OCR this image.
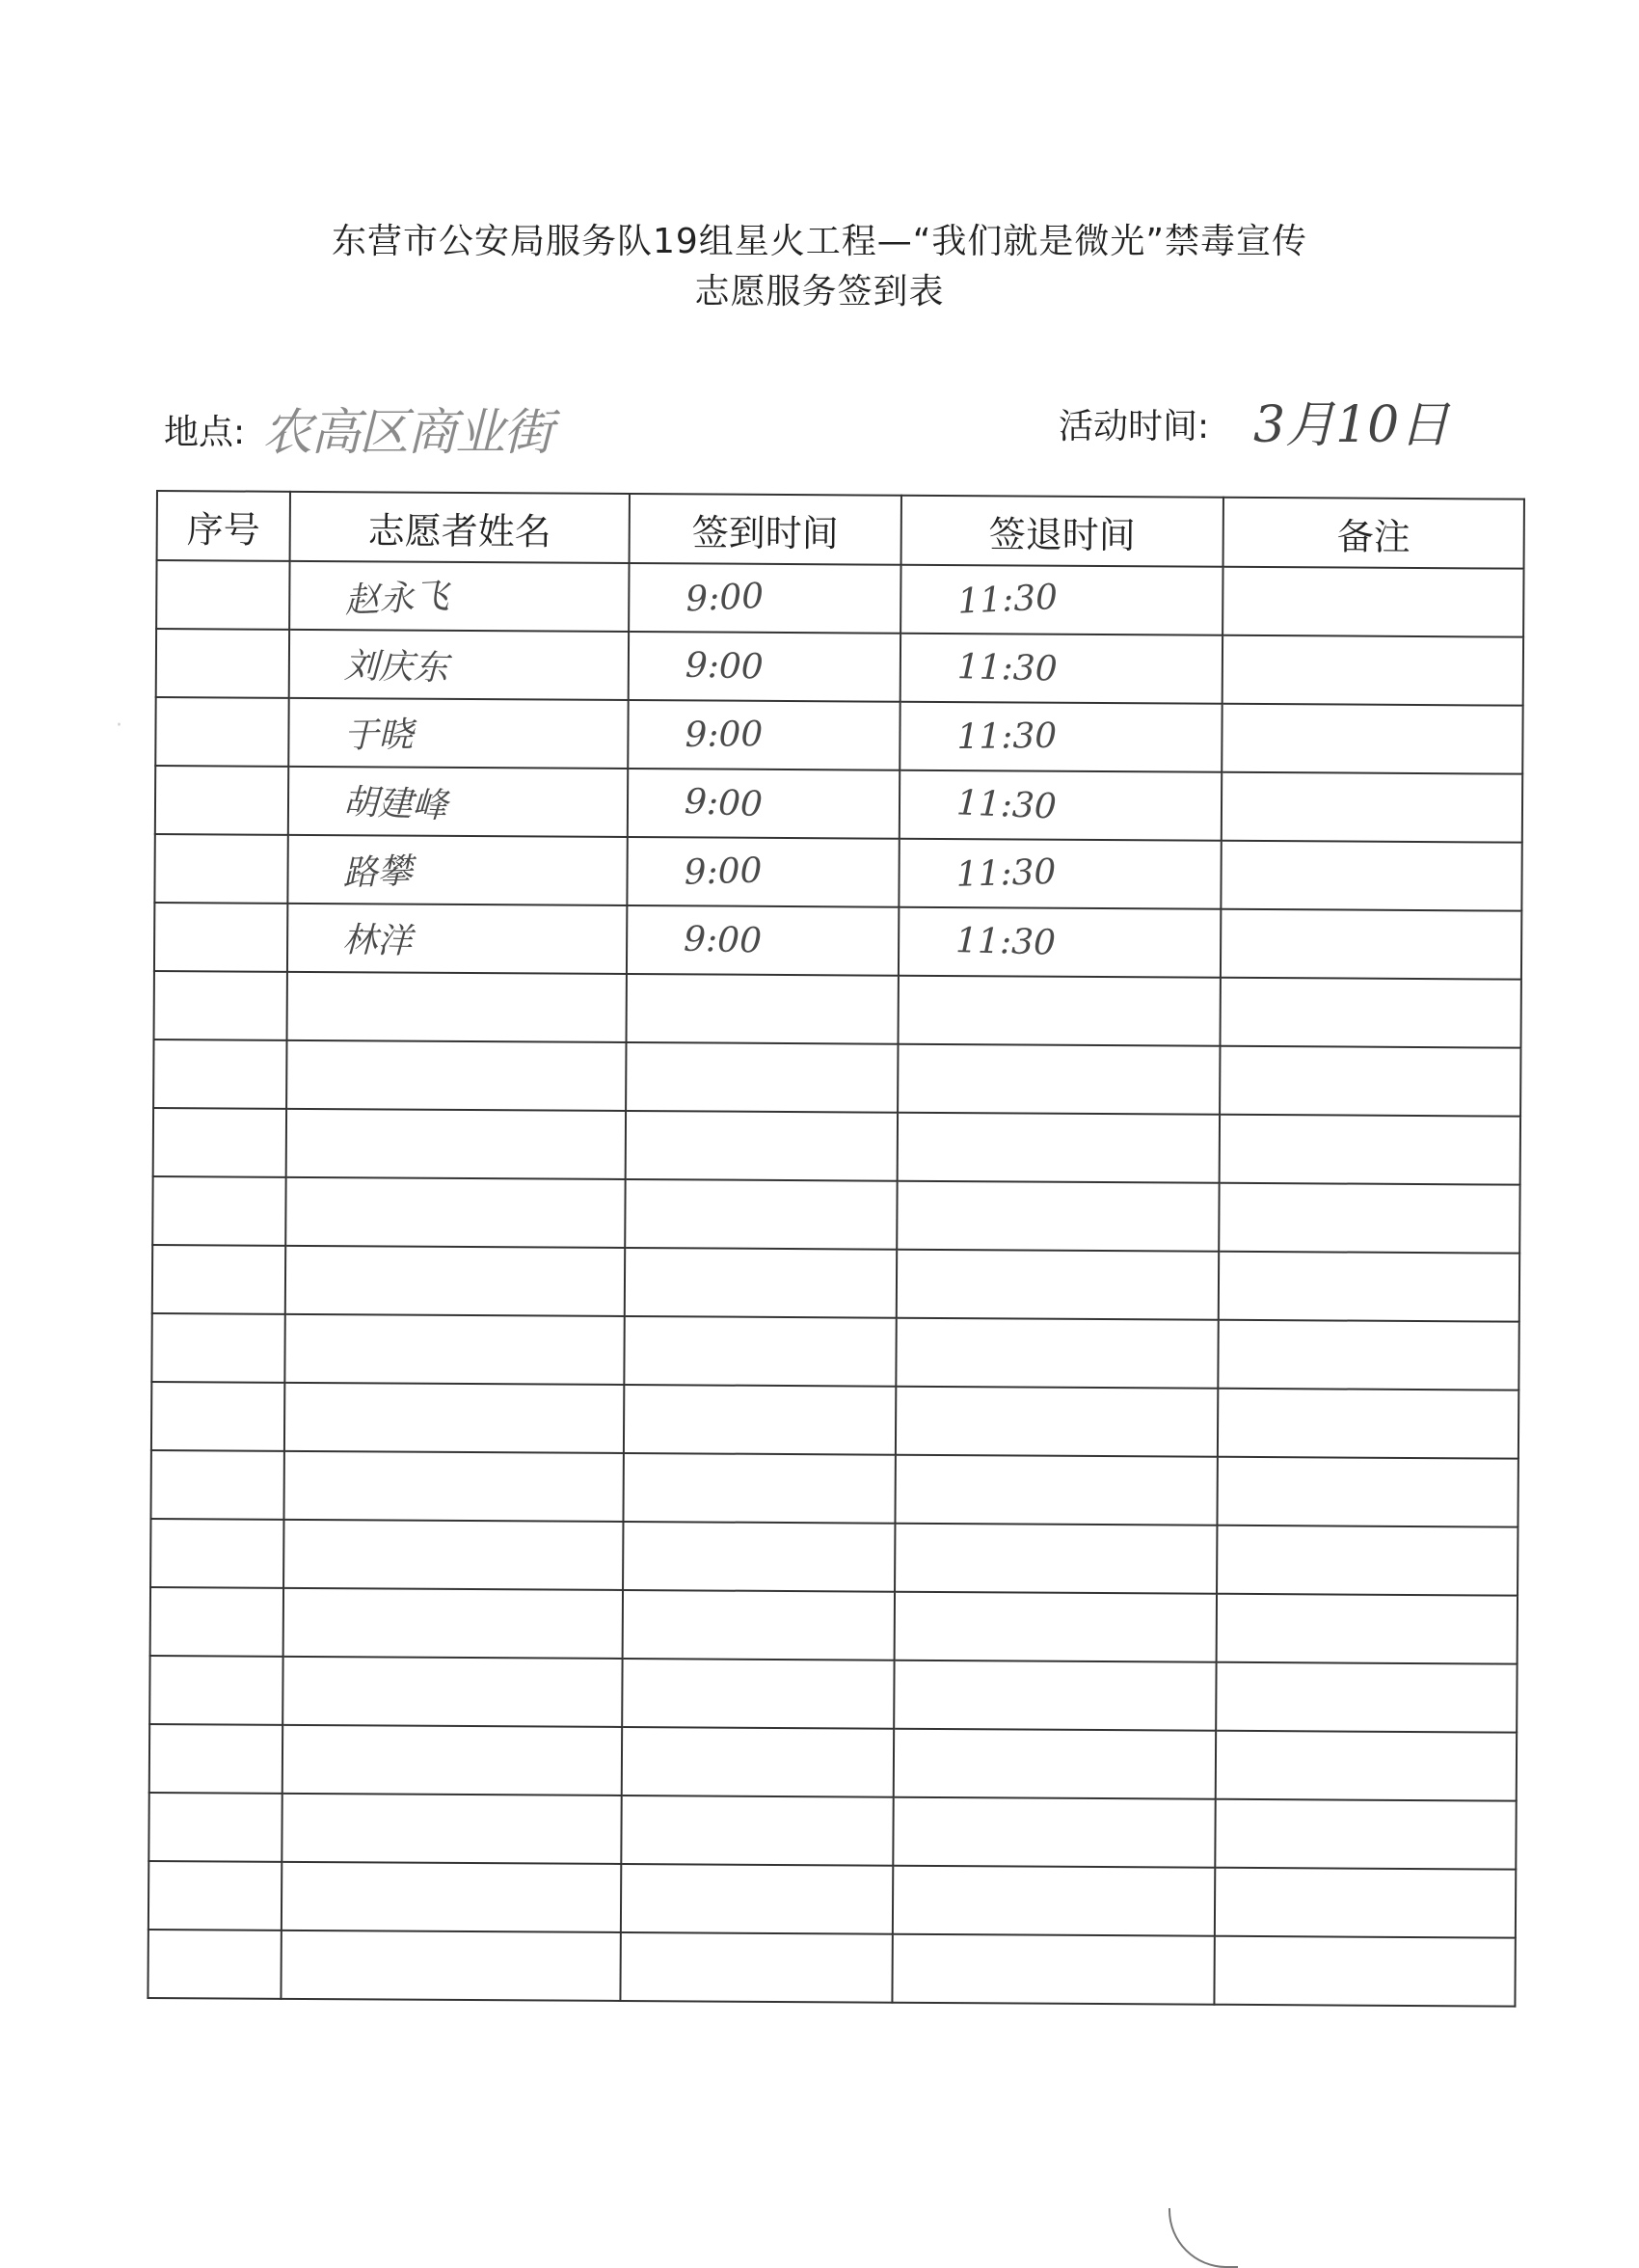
东营市公安局服务队19组星火工程—“我们就是微光”禁毒宣传
志愿服务签到表
地点: 农高区商业街	活动时间: 3月10日
序号	志愿者姓名	签到时间	签退时间	备注
	赵永飞	9:00	11:30	
	刘庆东	9:00	11:30	
	于晓	9:00	11:30	
	胡建峰	9:00	11:30	
	路攀	9:00	11:30	
	林洋	9:00	11:30	

·
